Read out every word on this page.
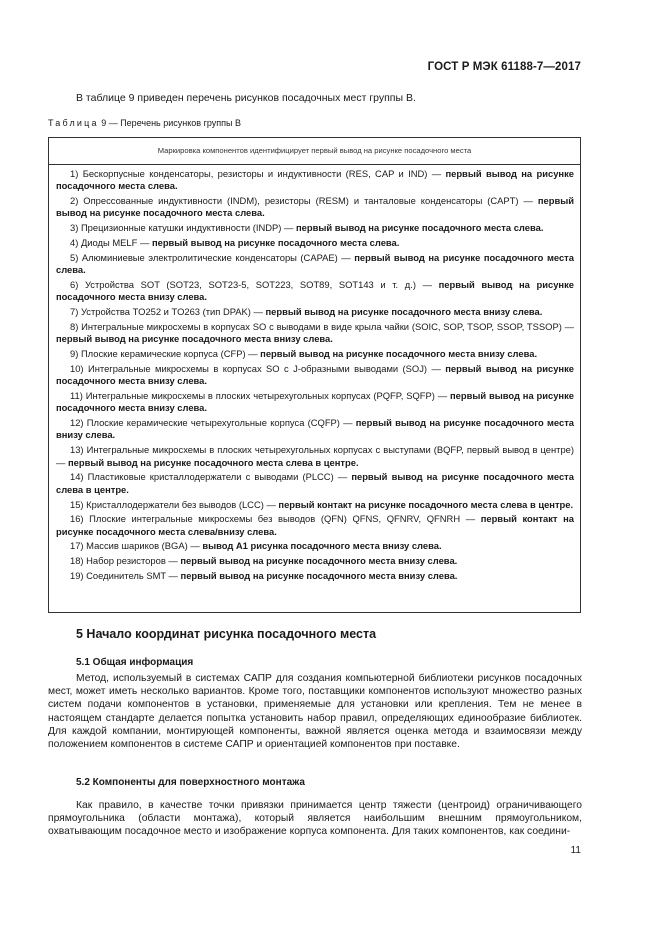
ГОСТ Р МЭК 61188-7—2017
В таблице 9 приведен перечень рисунков посадочных мест группы В.
Таблица 9 — Перечень рисунков группы В
Маркировка компонентов идентифицирует первый вывод на рисунке посадочного места
1) Бескорпусные конденсаторы, резисторы и индуктивности (RES, CAP и IND) — первый вывод на рисунке посадочного места слева.
2) Опрессованные индуктивности (INDM), резисторы (RESM) и танталовые конденсаторы (CAPT) — первый вывод на рисунке посадочного места слева.
3) Прецизионные катушки индуктивности (INDP) — первый вывод на рисунке посадочного места слева.
4) Диоды MELF — первый вывод на рисунке посадочного места слева.
5) Алюминиевые электролитические конденсаторы (CAPAE) — первый вывод на рисунке посадочного места слева.
6) Устройства SOT (SOT23, SOT23-5, SOT223, SOT89, SOT143 и т. д.) — первый вывод на рисунке посадочного места внизу слева.
7) Устройства TO252 и TO263 (тип DPAK) — первый вывод на рисунке посадочного места внизу слева.
8) Интегральные микросхемы в корпусах SO с выводами в виде крыла чайки (SOIC, SOP, TSOP, SSOP, TSSOP) — первый вывод на рисунке посадочного места внизу слева.
9) Плоские керамические корпуса (CFP) — первый вывод на рисунке посадочного места внизу слева.
10) Интегральные микросхемы в корпусах SO с J-образными выводами (SOJ) — первый вывод на рисунке посадочного места внизу слева.
11) Интегральные микросхемы в плоских четырехугольных корпусах (PQFP, SQFP) — первый вывод на рисунке посадочного места внизу слева.
12) Плоские керамические четырехугольные корпуса (CQFP) — первый вывод на рисунке посадочного места внизу слева.
13) Интегральные микросхемы в плоских четырехугольных корпусах с выступами (BQFP, первый вывод в центре) — первый вывод на рисунке посадочного места слева в центре.
14) Пластиковые кристаллодержатели с выводами (PLCC) — первый вывод на рисунке посадочного места слева в центре.
15) Кристаллодержатели без выводов (LCC) — первый контакт на рисунке посадочного места слева в центре.
16) Плоские интегральные микросхемы без выводов (QFN) QFNS, QFNRV, QFNRH — первый контакт на рисунке посадочного места слева/внизу слева.
17) Массив шариков (BGA) — вывод A1 рисунка посадочного места внизу слева.
18) Набор резисторов — первый вывод на рисунке посадочного места внизу слева.
19) Соединитель SMT — первый вывод на рисунке посадочного места внизу слева.
5 Начало координат рисунка посадочного места
5.1 Общая информация
Метод, используемый в системах САПР для создания компьютерной библиотеки рисунков посадочных мест, может иметь несколько вариантов. Кроме того, поставщики компонентов используют множество разных систем подачи компонентов в установки, применяемые для установки или крепления. Тем не менее в настоящем стандарте делается попытка установить набор правил, определяющих единообразие библиотек. Для каждой компании, монтирующей компоненты, важной является оценка метода и взаимосвязи между положением компонентов в системе САПР и ориентацией компонентов при поставке.
5.2 Компоненты для поверхностного монтажа
Как правило, в качестве точки привязки принимается центр тяжести (центроид) ограничивающего прямоугольника (области монтажа), который является наибольшим внешним прямоугольником, охватывающим посадочное место и изображение корпуса компонента. Для таких компонентов, как соедини-
11
